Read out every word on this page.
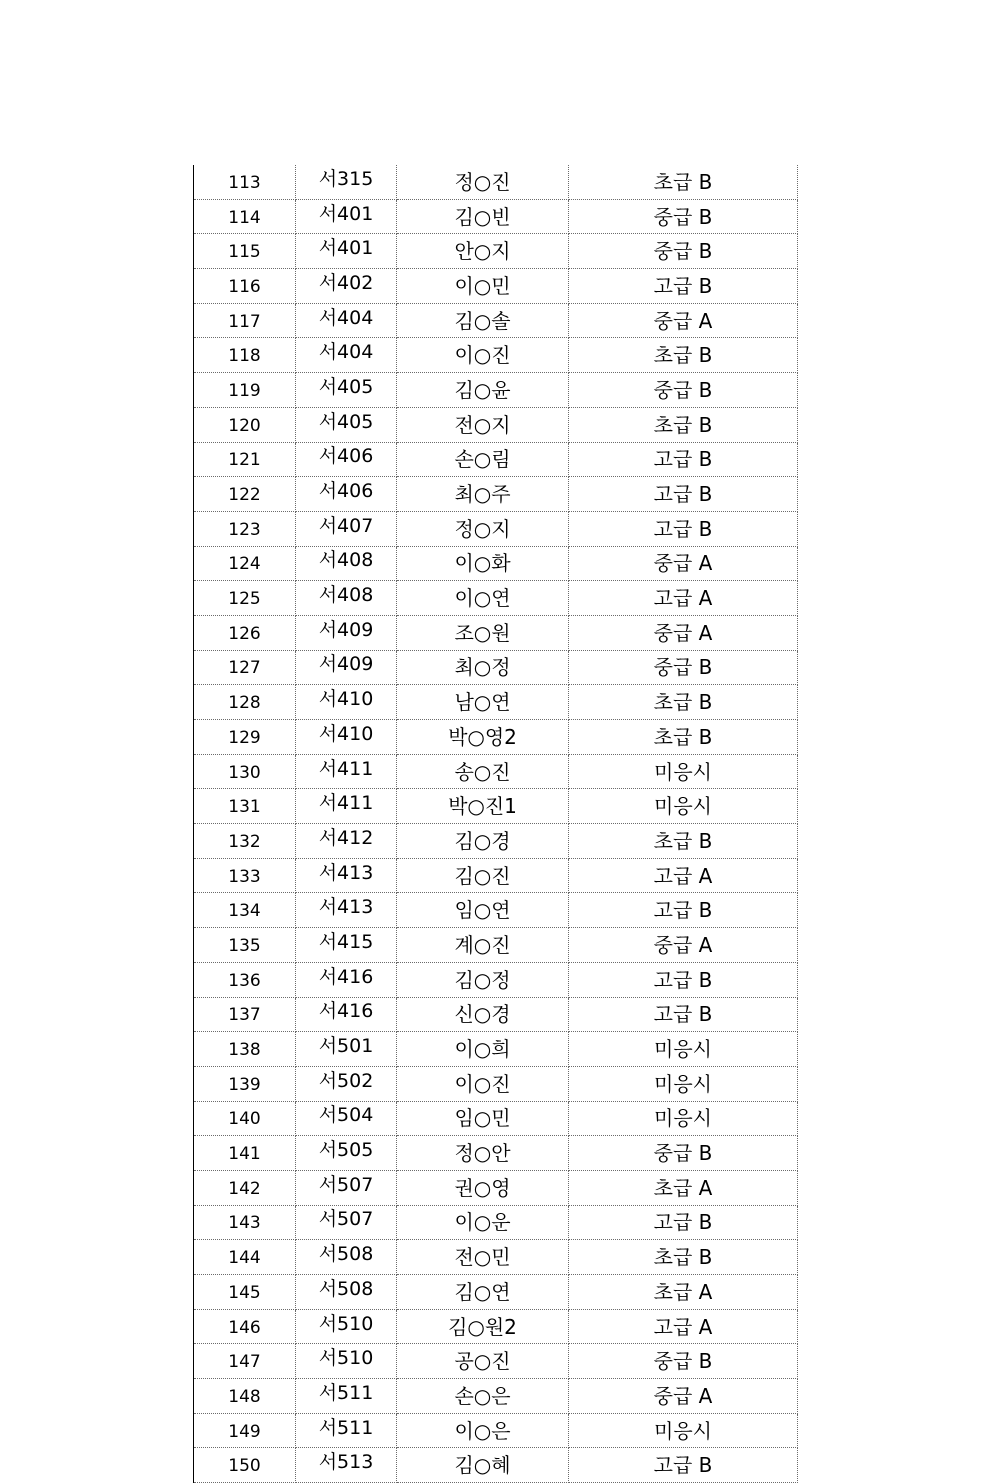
113	서315	정○진	초급 B
114	서401	김○빈	중급 B
115	서401	안○지	중급 B
116	서402	이○민	고급 B
117	서404	김○솔	중급 A
118	서404	이○진	초급 B
119	서405	김○윤	중급 B
120	서405	전○지	초급 B
121	서406	손○림	고급 B
122	서406	최○주	고급 B
123	서407	정○지	고급 B
124	서408	이○화	중급 A
125	서408	이○연	고급 A
126	서409	조○원	중급 A
127	서409	최○정	중급 B
128	서410	남○연	초급 B
129	서410	박○영2	초급 B
130	서411	송○진	미응시
131	서411	박○진1	미응시
132	서412	김○경	초급 B
133	서413	김○진	고급 A
134	서413	임○연	고급 B
135	서415	계○진	중급 A
136	서416	김○정	고급 B
137	서416	신○경	고급 B
138	서501	이○희	미응시
139	서502	이○진	미응시
140	서504	임○민	미응시
141	서505	정○안	중급 B
142	서507	권○영	초급 A
143	서507	이○운	고급 B
144	서508	전○민	초급 B
145	서508	김○연	초급 A
146	서510	김○원2	고급 A
147	서510	공○진	중급 B
148	서511	손○은	중급 A
149	서511	이○은	미응시
150	서513	김○혜	고급 B
